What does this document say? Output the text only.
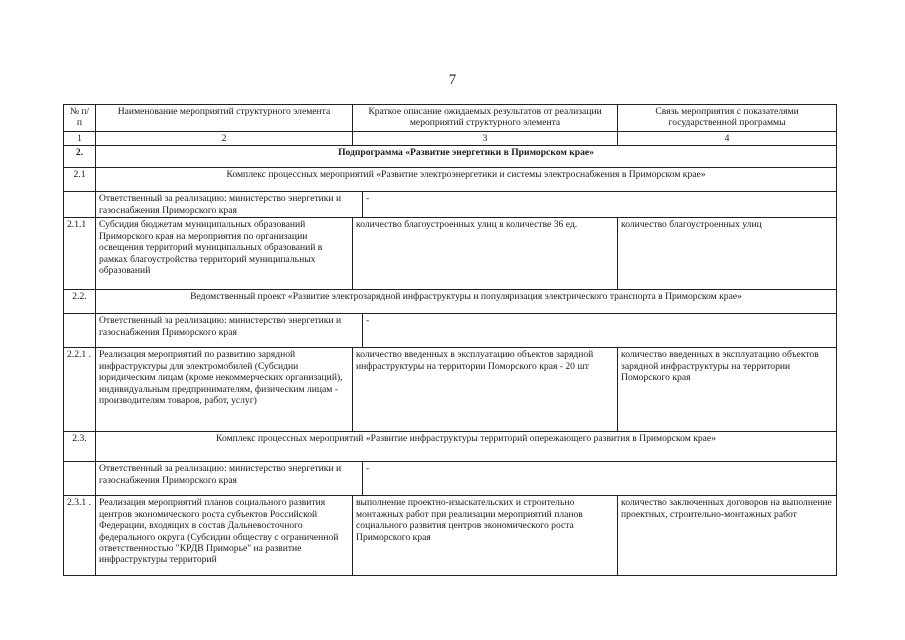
7
№ п/ п	Наименование мероприятий структурного элемента	Краткое описание ожидаемых результатов от реализации мероприятий структурного элемента		Связь мероприятия с показателями государственной программы
1	2	3		4
2.	Подпрограмма «Развитие энергетики в Приморском крае»			
2.1	Комплекс процессных мероприятий «Развитие электроэнергетики и системы электроснабжения в Приморском крае»			
	Ответственный за реализацию: министерство энергетики и газоснабжения Приморского края		-	
2.1.1	Субсидия бюджетам муниципальных образований Приморского края на мероприятия по организации освещения территорий муниципальных образований в рамках благоустройства территорий муниципальных образований	количество благоустроенных улиц в количестве 36 ед.		количество благоустроенных улиц
2.2.	Ведомственный проект «Развитие электрозарядной инфраструктуры и популяризация электрического транспорта в Приморском крае»			
	Ответственный за реализацию: министерство энергетики и газоснабжения Приморского края		-	
2.2.1 .	Реализация мероприятий по развитию зарядной инфраструктуры для электромобилей (Субсидии юридическим лицам (кроме некоммерческих организаций), индивидуальным предпринимателям, физическим лицам - производителям товаров, работ, услуг)	количество введенных в эксплуатацию объектов зарядной инфраструктуры на территории Поморского края - 20 шт		количество введенных в эксплуатацию объектов зарядной инфраструктуры на территории Поморского края
2.3.	Комплекс процессных мероприятий «Развитие инфраструктуры территорий опережающего развития в Приморском крае»			
	Ответственный за реализацию: министерство энергетики и газоснабжения Приморского края		-	
2.3.1 .	Реализация мероприятий планов социального развития центров экономического роста субъектов Российской Федерации, входящих в состав Дальневосточного федерального округа (Субсидии обществу с ограниченной ответственностью "КРДВ Приморье" на развитие инфраструктуры территорий	выполнение проектно-изыскательских и строительно монтажных работ при реализации мероприятий планов социального развития центров экономического роста Приморского края		количество заключенных договоров на выполнение проектных, строительно-монтажных работ
